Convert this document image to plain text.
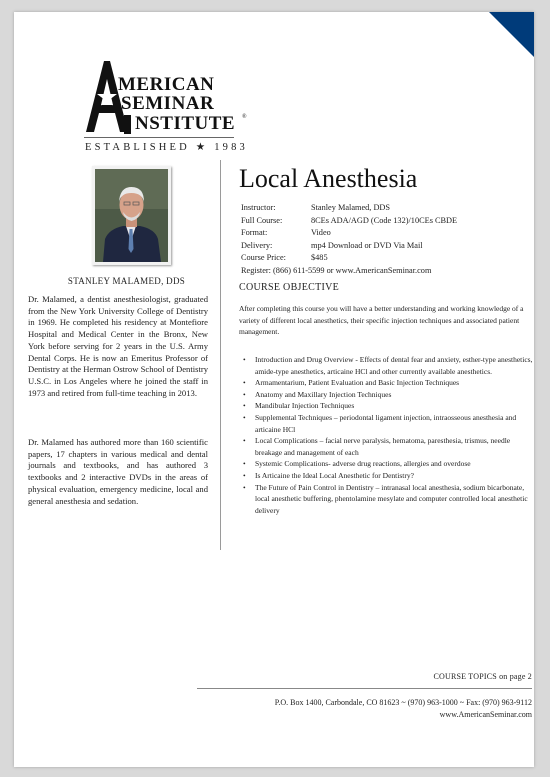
MERICAN
SEMINAR
NSTITUTE ®
ESTABLISHED ★ 1983
STANLEY MALAMED, DDS

Dr. Malamed, a dentist anesthesiologist, graduated from the New York University College of Dentistry in 1969. He completed his residency at Montefiore Hospital and Medical Center in the Bronx, New York before serving for 2 years in the U.S. Army Dental Corps. He is now an Emeritus Professor of Dentistry at the Herman Ostrow School of Dentistry U.S.C. in Los Angeles where he joined the staff in 1973 and retired from full-time teaching in 2013.

Dr. Malamed has authored more than 160 scientific papers, 17 chapters in various medical and dental journals and textbooks, and has authored 3 textbooks and 2 interactive DVDs in the areas of physical evaluation, emergency medicine, local and general anesthesia and sedation.

Local Anesthesia
Instructor:	Stanley Malamed, DDS
Full Course:	8CEs ADA/AGD (Code 132)/10CEs CBDE
Format:	Video
Delivery:	mp4 Download or DVD Via Mail
Course Price:	$485
Register: (866) 611-5599 or www.AmericanSeminar.com
COURSE OBJECTIVE

After completing this course you will have a better understanding and working knowledge of a variety of different local anesthetics, their specific injection techniques and associated patient management.

• Introduction and Drug Overview - Effects of dental fear and anxiety, esther-type anesthetics, amide-type anesthetics, articaine HCl and other currently available anesthetics.
• Armamentarium, Patient Evaluation and Basic Injection Techniques
• Anatomy and Maxillary Injection Techniques
• Mandibular Injection Techniques
• Supplemental Techniques – periodontal ligament injection, intraosseous anesthesia and articaine HCl
• Local Complications – facial nerve paralysis, hematoma, paresthesia, trismus, needle breakage and management of each
• Systemic Complications- adverse drug reactions, allergies and overdose
• Is Articaine the Ideal Local Anesthetic for Dentistry?
• The Future of Pain Control in Dentistry – intranasal local anesthesia, sodium bicarbonate, local anesthetic buffering, phentolamine mesylate and computer controlled local anesthetic delivery
COURSE TOPICS on page 2
P.O. Box 1400, Carbondale, CO 81623 ~ (970) 963-1000 ~ Fax: (970) 963-9112
www.AmericanSeminar.com
